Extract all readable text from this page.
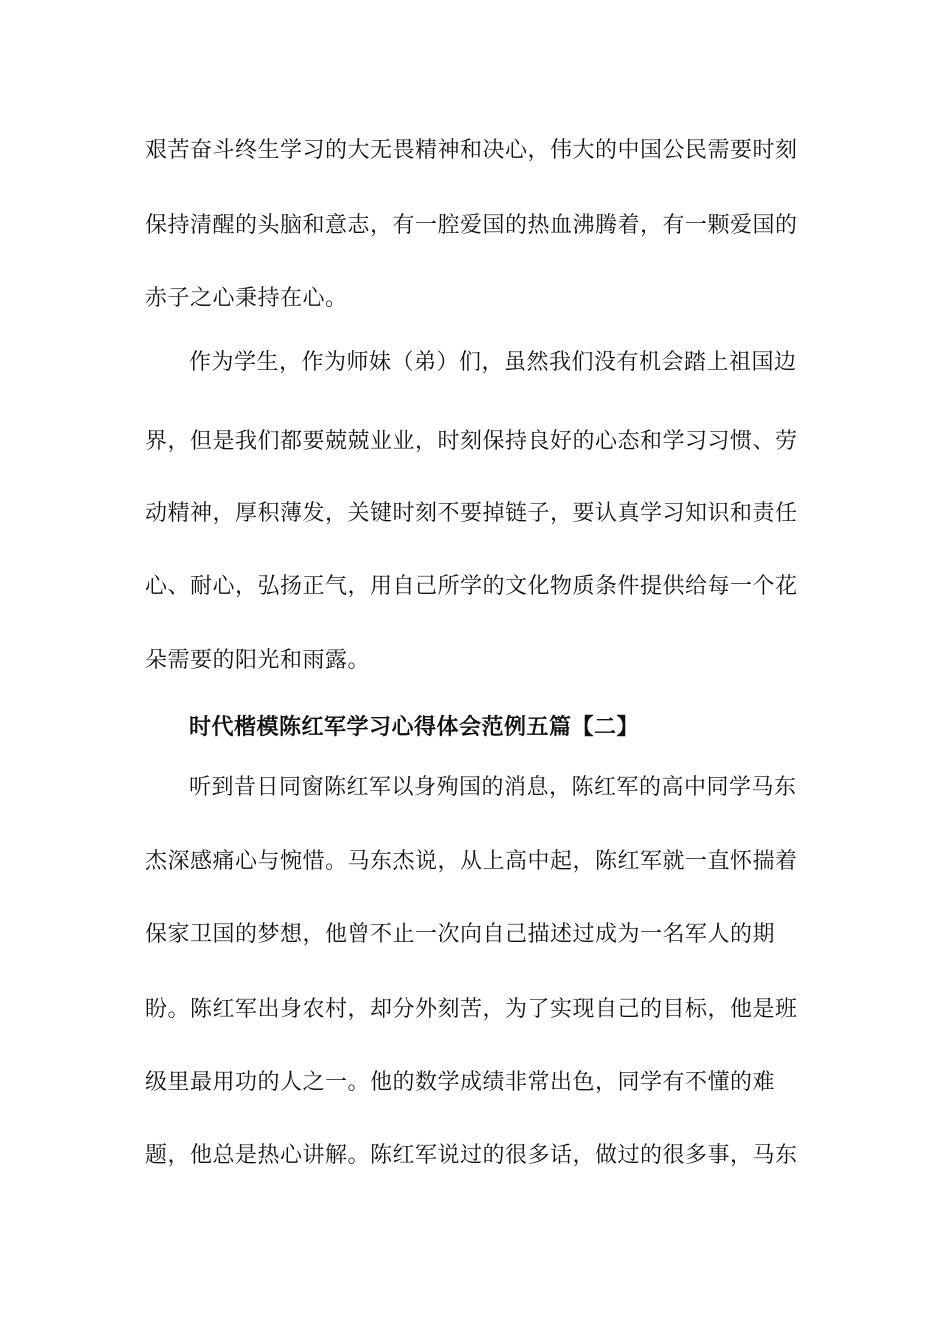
艰苦奋斗终生学习的大无畏精神和决心，伟大的中国公民需要时刻
保持清醒的头脑和意志，有一腔爱国的热血沸腾着，有一颗爱国的
赤子之心秉持在心。
作为学生，作为师妹（弟）们，虽然我们没有机会踏上祖国边
界，但是我们都要兢兢业业，时刻保持良好的心态和学习习惯、劳
动精神，厚积薄发，关键时刻不要掉链子，要认真学习知识和责任
心、耐心，弘扬正气，用自己所学的文化物质条件提供给每一个花
朵需要的阳光和雨露。
时代楷模陈红军学习心得体会范例五篇【二】
听到昔日同窗陈红军以身殉国的消息，陈红军的高中同学马东
杰深感痛心与惋惜。马东杰说，从上高中起，陈红军就一直怀揣着
保家卫国的梦想，他曾不止一次向自己描述过成为一名军人的期
盼。陈红军出身农村，却分外刻苦，为了实现自己的目标，他是班
级里最用功的人之一。他的数学成绩非常出色，同学有不懂的难
题，他总是热心讲解。陈红军说过的很多话，做过的很多事，马东
